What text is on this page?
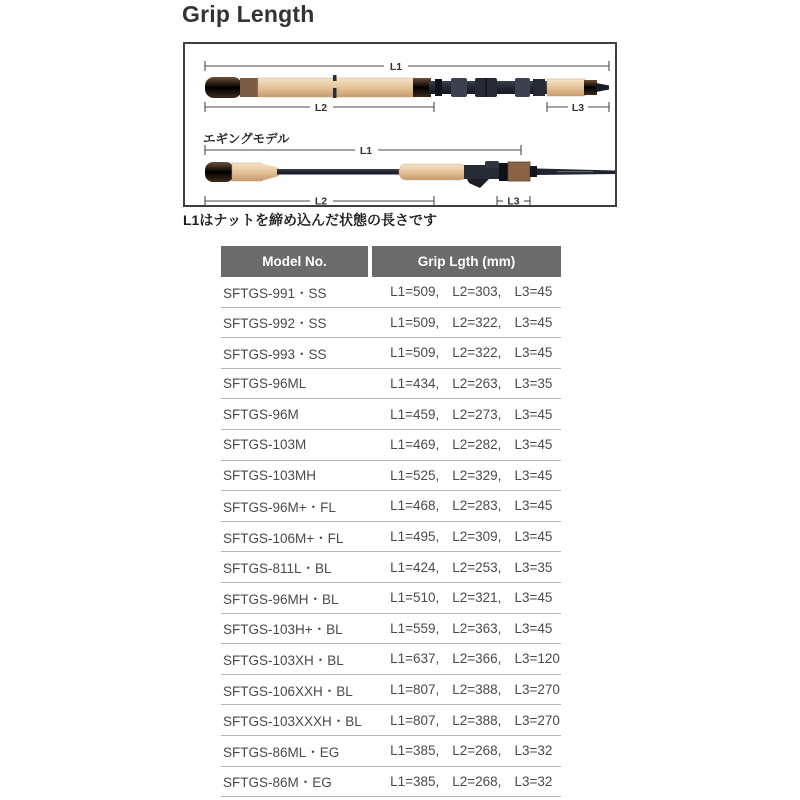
Grip Length
エギングモデル
L1
L2	L3
L1
L2	L3
L1はナットを締め込んだ状態の長さです
Model No.	Grip Lgth (mm)
SFTGS-991・SS	L1=509, L2=303, L3=45
SFTGS-992・SS	L1=509, L2=322, L3=45
SFTGS-993・SS	L1=509, L2=322, L3=45
SFTGS-96ML	L1=434, L2=263, L3=35
SFTGS-96M	L1=459, L2=273, L3=45
SFTGS-103M	L1=469, L2=282, L3=45
SFTGS-103MH	L1=525, L2=329, L3=45
SFTGS-96M+・FL	L1=468, L2=283, L3=45
SFTGS-106M+・FL	L1=495, L2=309, L3=45
SFTGS-811L・BL	L1=424, L2=253, L3=35
SFTGS-96MH・BL	L1=510, L2=321, L3=45
SFTGS-103H+・BL	L1=559, L2=363, L3=45
SFTGS-103XH・BL	L1=637, L2=366, L3=120
SFTGS-106XXH・BL	L1=807, L2=388, L3=270
SFTGS-103XXXH・BL	L1=807, L2=388, L3=270
SFTGS-86ML・EG	L1=385, L2=268, L3=32
SFTGS-86M・EG	L1=385, L2=268, L3=32
